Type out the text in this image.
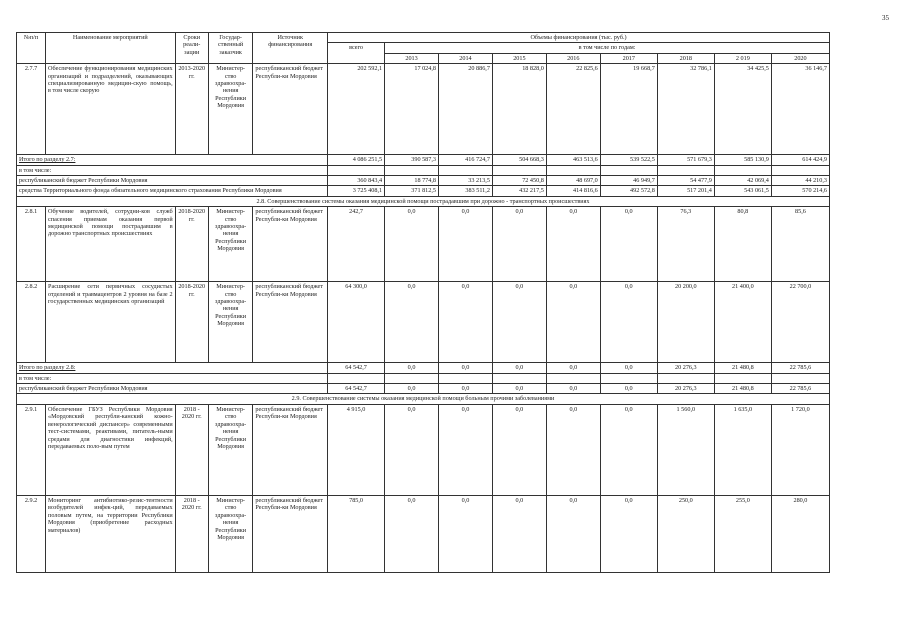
35
№п/п	Наименование мероприятий	Сроки реали-зации	Государ-ственный заказчик	Источник финансирования	Объемы финансирования (тыс. руб.)								
					всего	в том числе по годам:							
						2013	2014	2015	2016	2017	2018	2 019	2020
2.7.7	Обеспечение функционирования медицинских организаций и подразделений, оказывающих специализированную медицин-скую помощь, в том числе скорую	2013-2020 гг.	Министер-ство здравоохра-нения Республики Мордовия	республиканский бюджет Республи-ки Мордовия	202 592,1	17 024,8	20 886,7	18 828,0	22 825,6	19 668,7	32 786,1	34 425,5	36 146,7
Итого по разделу 2.7:					4 086 251,5	390 587,3	416 724,7	504 668,3	463 513,6	539 522,5	571 679,3	585 130,9	614 424,9
в том числе:													
республиканский бюджет Республики Мордовия					360 843,4	18 774,8	33 213,5	72 450,8	48 697,0	46 949,7	54 477,9	42 069,4	44 210,3
средства Территориального фонда обязательного медицинского страхования Республики Мордовия					3 725 408,1	371 812,5	383 511,2	432 217,5	414 816,6	492 572,8	517 201,4	543 061,5	570 214,6
2.8. Совершенствование системы оказания медицинской помощи пострадавшим при дорожно - транспортных происшествиях													
2.8.1	Обучение водителей, сотрудни-ков служб спасения приемам оказания первой медицинской помощи пострадавшим в дорожно транспортных происшествиях	2018-2020 гг.	Министер-ство здравоохра-нения Республики Мордовия	республиканский бюджет Республи-ки Мордовия	242,7	0,0	0,0	0,0	0,0	0,0	76,3	80,8	85,6
2.8.2	Расширение сети первичных сосудистых отделений и травмацентров 2 уровня на базе 2 государственных медицинских организаций	2018-2020 гг.	Министер-ство здравоохра-нения Республики Мордовия	республиканский бюджет Республи-ки Мордовия	64 300,0	0,0	0,0	0,0	0,0	0,0	20 200,0	21 400,0	22 700,0
Итого по разделу 2.8:					64 542,7	0,0	0,0	0,0	0,0	0,0	20 276,3	21 480,8	22 785,6
в том числе:													
республиканский бюджет Республики Мордовия					64 542,7	0,0	0,0	0,0	0,0	0,0	20 276,3	21 480,8	22 785,6
2.9. Совершенствование системы оказания медицинской помощи больным прочими заболеваниями													
2.9.1	Обеспечение ГБУЗ Республики Мордовия «Мордовский республи-канский кожно-венерологический диспансер» современными тест-системами, реактивами, питатель-ными средами для диагностики инфекций, передаваемых поло-вым путем	2018 - 2020 гг.	Министер-ство здравоохра-нения Республики Мордовия	республиканский бюджет Республи-ки Мордовия	4 915,0	0,0	0,0	0,0	0,0	0,0	1 560,0	1 635,0	1 720,0
2.9.2	Мониторинг антибиотико-резис-тентности возбудителей инфек-ций, передаваемых половым путем, на территории Республики Мордовия (приобретение расходных материалов)	2018 - 2020 гг.	Министер-ство здравоохра-нения Республики Мордовия	республиканский бюджет Республи-ки Мордовия	785,0	0,0	0,0	0,0	0,0	0,0	250,0	255,0	280,0
